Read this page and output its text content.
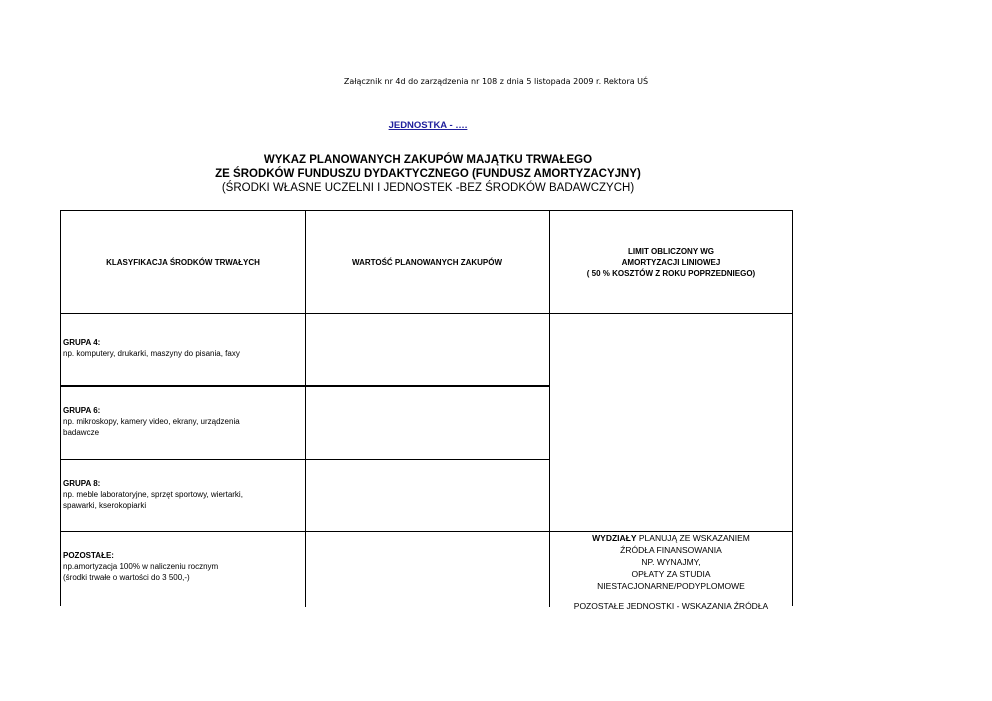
Załącznik nr 4d do zarządzenia nr 108 z dnia 5 listopada 2009 r. Rektora UŚ
JEDNOSTKA - ….
WYKAZ PLANOWANYCH ZAKUPÓW MAJĄTKU TRWAŁEGO
ZE ŚRODKÓW FUNDUSZU DYDAKTYCZNEGO (FUNDUSZ AMORTYZACYJNY)
(ŚRODKI WŁASNE UCZELNI I JEDNOSTEK -BEZ ŚRODKÓW BADAWCZYCH)
KLASYFIKACJA ŚRODKÓW TRWAŁYCH	WARTOŚĆ PLANOWANYCH ZAKUPÓW
LIMIT OBLICZONY WG
AMORTYZACJI LINIOWEJ
( 50 % KOSZTÓW Z ROKU POPRZEDNIEGO)
GRUPA 4:
np. komputery, drukarki, maszyny do pisania, faxy
GRUPA 6:
np. mikroskopy, kamery video, ekrany, urządzenia
badawcze
GRUPA 8:
np. meble laboratoryjne, sprzęt sportowy, wiertarki,
spawarki, kserokopiarki
POZOSTAŁE:
np.amortyzacja 100% w naliczeniu rocznym
(środki trwałe o wartości do 3 500,-)
WYDZIAŁY PLANUJĄ ZE WSKAZANIEM
ŹRÓDŁA FINANSOWANIA
NP. WYNAJMY,
OPŁATY ZA STUDIA
NIESTACJONARNE/PODYPLOMOWE
POZOSTAŁE JEDNOSTKI - WSKAZANIA ŹRÓDŁA
